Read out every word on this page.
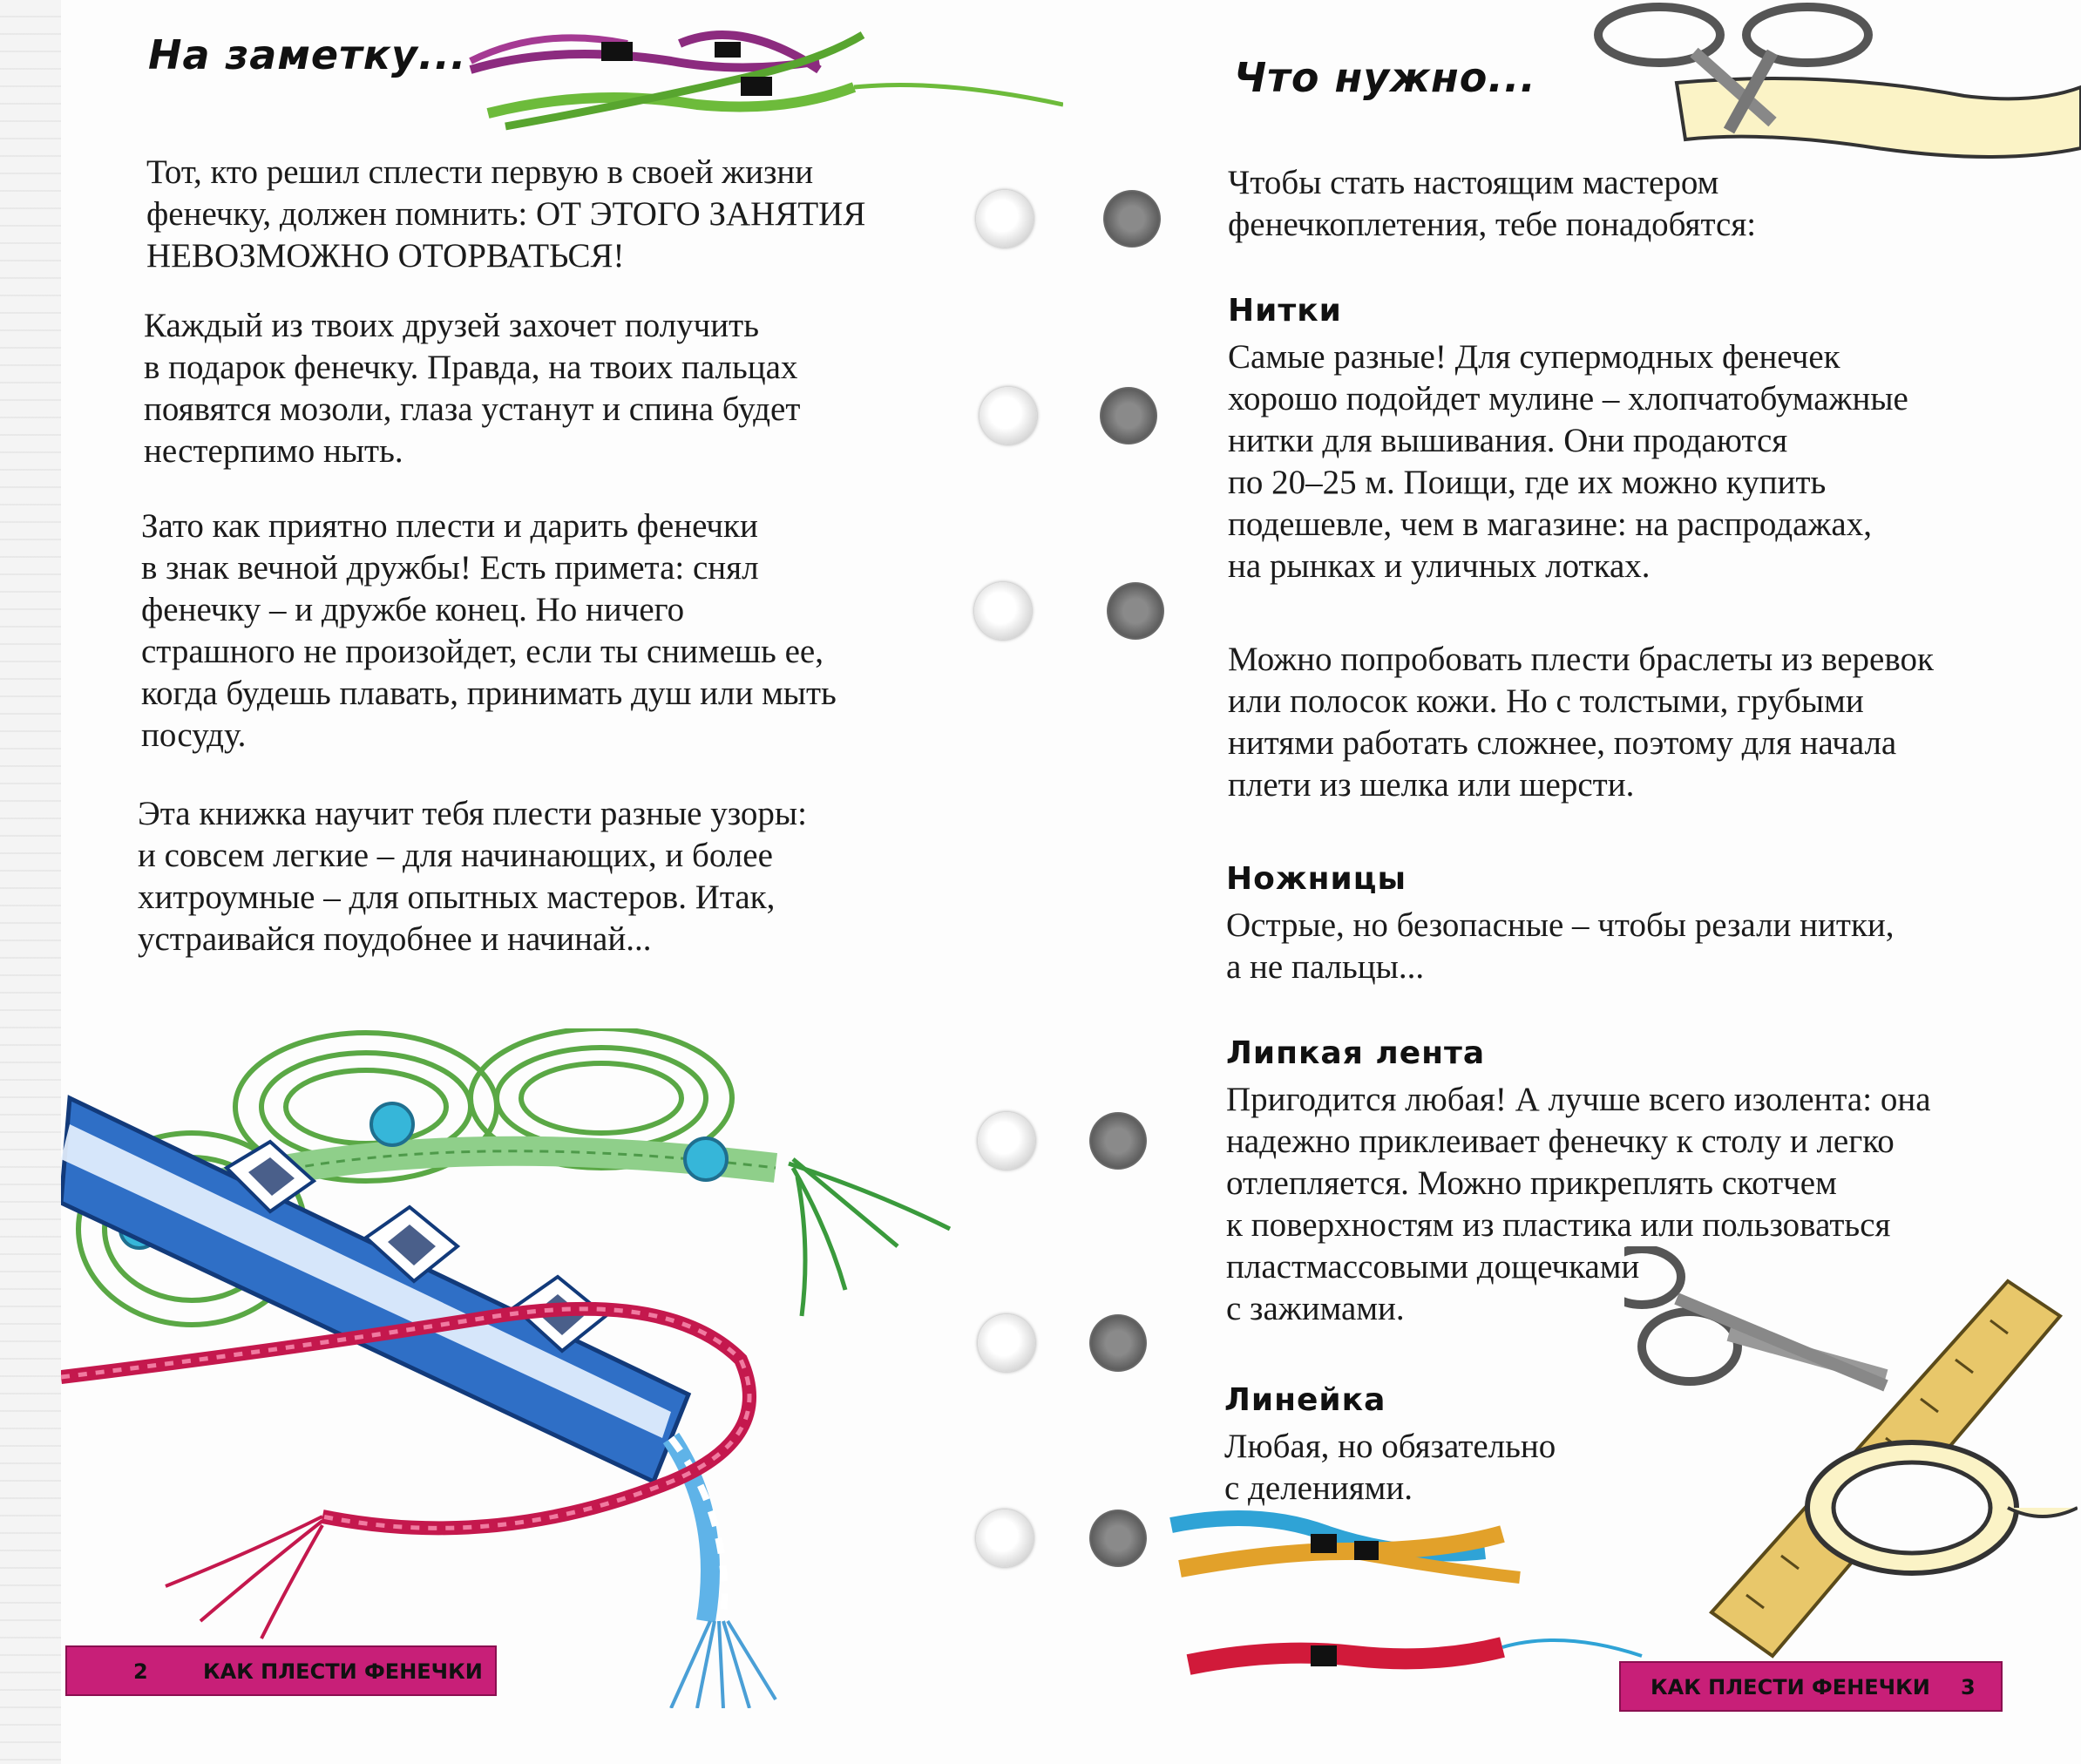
На заметку...
Тот, кто решил сплести первую в своей жизни
фенечку, должен помнить: ОТ ЭТОГО ЗАНЯТИЯ
НЕВОЗМОЖНО ОТОРВАТЬСЯ!
Каждый из твоих друзей захочет получить
в подарок фенечку. Правда, на твоих пальцах
появятся мозоли, глаза устанут и спина будет
нестерпимо ныть.
Зато как приятно плести и дарить фенечки
в знак вечной дружбы! Есть примета: снял
фенечку – и дружбе конец. Но ничего
страшного не произойдет, если ты снимешь ее,
когда будешь плавать, принимать душ или мыть
посуду.
Эта книжка научит тебя плести разные узоры:
и совсем легкие – для начинающих, и более
хитроумные – для опытных мастеров. Итак,
устраивайся поудобнее и начинай...
2	КАК ПЛЕСТИ ФЕНЕЧКИ
Что нужно...
Чтобы стать настоящим мастером
фенечкоплетения, тебе понадобятся:
Нитки
Самые разные! Для супермодных фенечек
хорошо подойдет мулине – хлопчатобумажные
нитки для вышивания. Они продаются
по 20–25 м. Поищи, где их можно купить
подешевле, чем в магазине: на распродажах,
на рынках и уличных лотках.
Можно попробовать плести браслеты из веревок
или полосок кожи. Но с толстыми, грубыми
нитями работать сложнее, поэтому для начала
плети из шелка или шерсти.
Ножницы
Острые, но безопасные – чтобы резали нитки,
а не пальцы...
Липкая лента
Пригодится любая! А лучше всего изолента: она
надежно приклеивает фенечку к столу и легко
отлепляется. Можно прикреплять скотчем
к поверхностям из пластика или пользоваться
пластмассовыми дощечками
с зажимами.
Линейка
Любая, но обязательно
с делениями.
КАК ПЛЕСТИ ФЕНЕЧКИ 3
